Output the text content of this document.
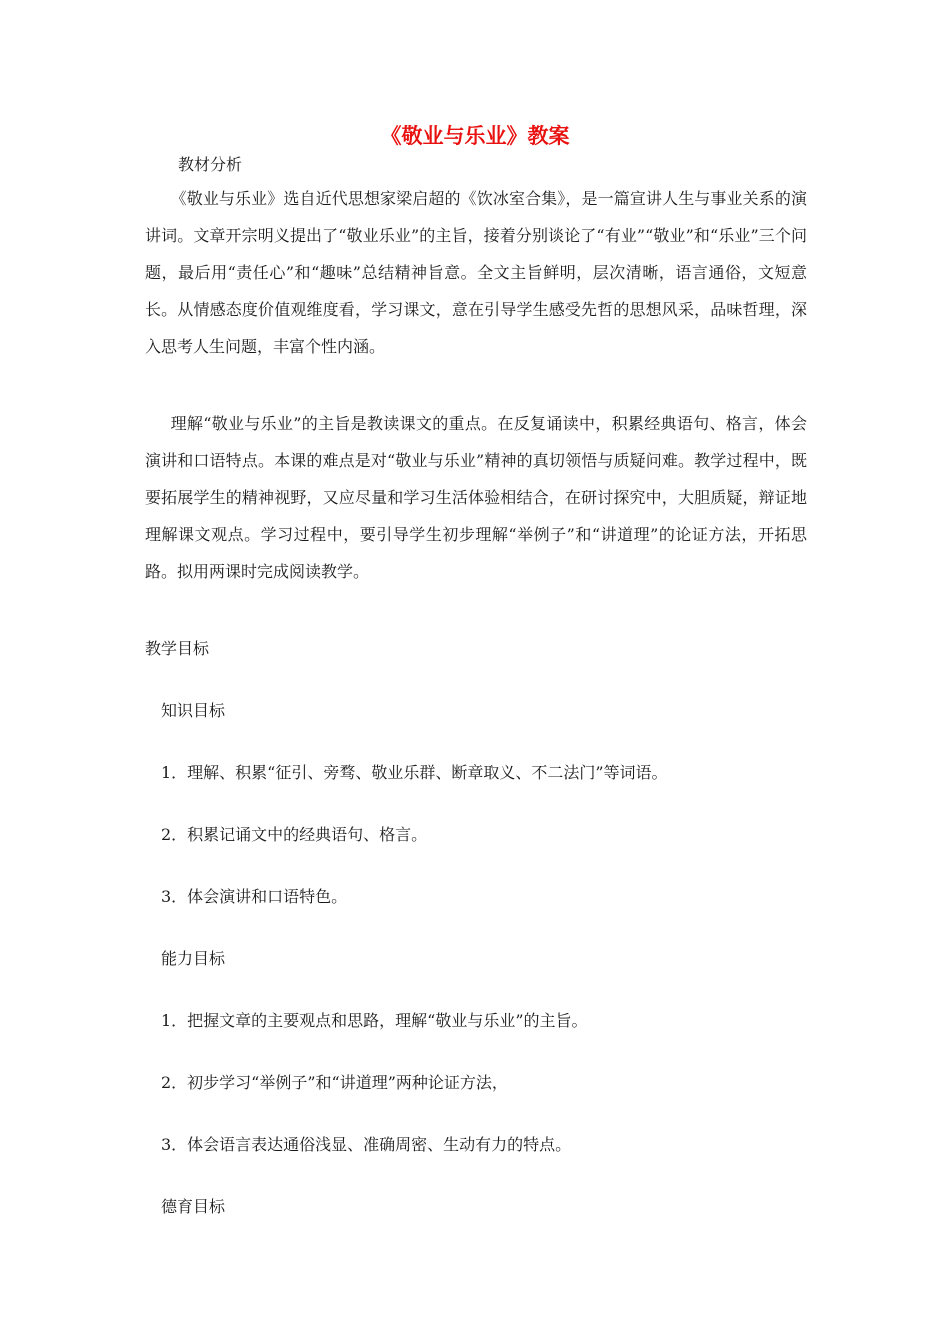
《敬业与乐业》教案
教材分析
《敬业与乐业》选自近代思想家梁启超的《饮冰室合集》，是一篇宣讲人生与事业关系的演讲词。文章开宗明义提出了“敬业乐业”的主旨，接着分别谈论了“有业”“敬业”和“乐业”三个问题，最后用“责任心”和“趣味”总结精神旨意。全文主旨鲜明，层次清晰，语言通俗，文短意长。从情感态度价值观维度看，学习课文，意在引导学生感受先哲的思想风采，品味哲理，深入思考人生问题，丰富个性内涵。
理解“敬业与乐业”的主旨是教读课文的重点。在反复诵读中，积累经典语句、格言，体会演讲和口语特点。本课的难点是对“敬业与乐业”精神的真切领悟与质疑问难。教学过程中，既要拓展学生的精神视野，又应尽量和学习生活体验相结合，在研讨探究中，大胆质疑，辩证地理解课文观点。学习过程中，要引导学生初步理解“举例子”和“讲道理”的论证方法，开拓思路。拟用两课时完成阅读教学。
教学目标
知识目标
1．理解、积累“征引、旁骛、敬业乐群、断章取义、不二法门”等词语。
2．积累记诵文中的经典语句、格言。
3．体会演讲和口语特色。
能力目标
1．把握文章的主要观点和思路，理解“敬业与乐业”的主旨。
2．初步学习“举例子”和“讲道理”两种论证方法，
3．体会语言表达通俗浅显、准确周密、生动有力的特点。
德育目标
